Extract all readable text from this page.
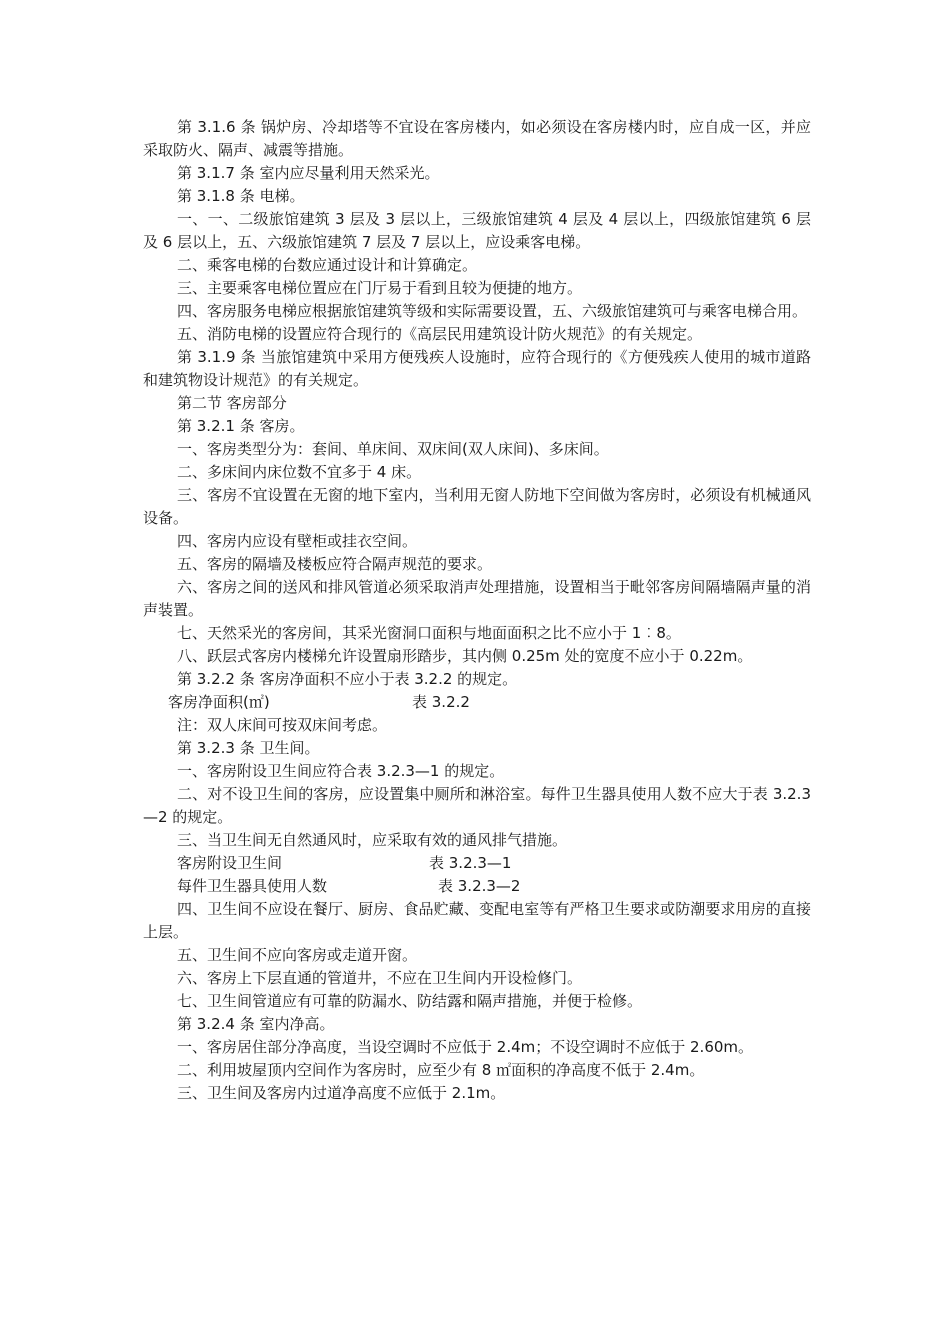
第 3.1.6 条 锅炉房、冷却塔等不宜设在客房楼内，如必须设在客房楼内时，应自成一区，并应采取防火、隔声、减震等措施。

第 3.1.7 条 室内应尽量利用天然采光。

第 3.1.8 条 电梯。

一、一、二级旅馆建筑 3 层及 3 层以上，三级旅馆建筑 4 层及 4 层以上，四级旅馆建筑 6 层及 6 层以上，五、六级旅馆建筑 7 层及 7 层以上，应设乘客电梯。

二、乘客电梯的台数应通过设计和计算确定。

三、主要乘客电梯位置应在门厅易于看到且较为便捷的地方。

四、客房服务电梯应根据旅馆建筑等级和实际需要设置，五、六级旅馆建筑可与乘客电梯合用。

五、消防电梯的设置应符合现行的《高层民用建筑设计防火规范》的有关规定。

第 3.1.9 条 当旅馆建筑中采用方便残疾人设施时，应符合现行的《方便残疾人使用的城市道路和建筑物设计规范》的有关规定。

第二节 客房部分

第 3.2.1 条 客房。

一、客房类型分为：套间、单床间、双床间(双人床间)、多床间。

二、多床间内床位数不宜多于 4 床。

三、客房不宜设置在无窗的地下室内，当利用无窗人防地下空间做为客房时，必须设有机械通风设备。

四、客房内应设有壁柜或挂衣空间。

五、客房的隔墙及楼板应符合隔声规范的要求。

六、客房之间的送风和排风管道必须采取消声处理措施，设置相当于毗邻客房间隔墙隔声量的消声装置。

七、天然采光的客房间，其采光窗洞口面积与地面面积之比不应小于 1︰8。

八、跃层式客房内楼梯允许设置扇形踏步，其内侧 0.25m 处的宽度不应小于 0.22m。

第 3.2.2 条 客房净面积不应小于表 3.2.2 的规定。

客房净面积(㎡)	表 3.2.2

注：双人床间可按双床间考虑。

第 3.2.3 条 卫生间。

一、客房附设卫生间应符合表 3.2.3—1 的规定。

二、对不设卫生间的客房，应设置集中厕所和淋浴室。每件卫生器具使用人数不应大于表 3.2.3—2 的规定。

三、当卫生间无自然通风时，应采取有效的通风排气措施。

客房附设卫生间	表 3.2.3—1

每件卫生器具使用人数	表 3.2.3—2

四、卫生间不应设在餐厅、厨房、食品贮藏、变配电室等有严格卫生要求或防潮要求用房的直接上层。

五、卫生间不应向客房或走道开窗。

六、客房上下层直通的管道井，不应在卫生间内开设检修门。

七、卫生间管道应有可靠的防漏水、防结露和隔声措施，并便于检修。

第 3.2.4 条 室内净高。

一、客房居住部分净高度，当设空调时不应低于 2.4m；不设空调时不应低于 2.60m。

二、利用坡屋顶内空间作为客房时，应至少有 8 ㎡面积的净高度不低于 2.4m。

三、卫生间及客房内过道净高度不应低于 2.1m。
